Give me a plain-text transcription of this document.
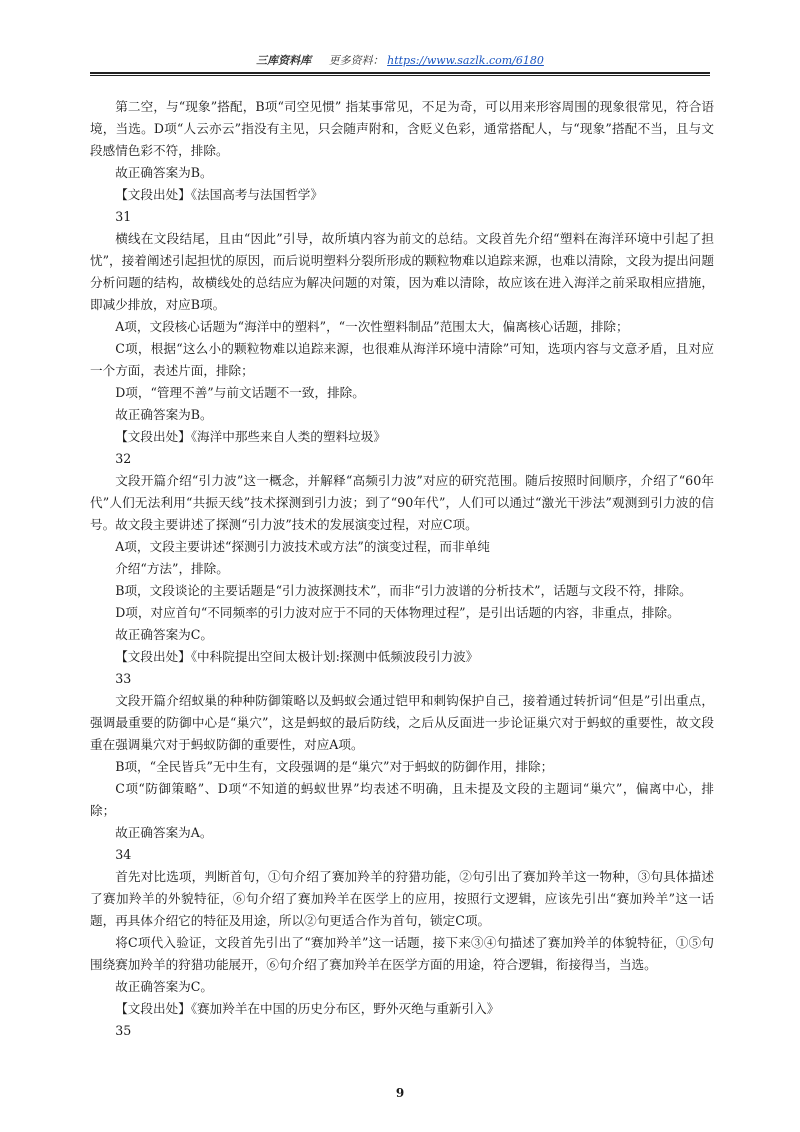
三库资料库 更多资料： https://www.sazlk.com/6180

第二空，与“现象”搭配，B项“司空见惯” 指某事常见，不足为奇，可以用来形容周围的现象很常见，符合语境，当选。D项“人云亦云”指没有主见，只会随声附和，含贬义色彩，通常搭配人，与“现象”搭配不当，且与文段感情色彩不符，排除。

故正确答案为B。

【文段出处】《法国高考与法国哲学》

31

横线在文段结尾，且由“因此”引导，故所填内容为前文的总结。文段首先介绍“塑料在海洋环境中引起了担忧”，接着阐述引起担忧的原因，而后说明塑料分裂所形成的颗粒物难以追踪来源，也难以清除，文段为提出问题 分析问题的结构，故横线处的总结应为解决问题的对策，因为难以清除，故应该在进入海洋之前采取相应措施，即减少排放，对应B项。

A项，文段核心话题为“海洋中的塑料”，“一次性塑料制品”范围太大，偏离核心话题，排除；

C项，根据“这么小的颗粒物难以追踪来源，也很难从海洋环境中清除”可知，选项内容与文意矛盾，且对应一个方面，表述片面，排除；

D项，“管理不善”与前文话题不一致，排除。

故正确答案为B。

【文段出处】《海洋中那些来自人类的塑料垃圾》

32

文段开篇介绍“引力波”这一概念，并解释“高频引力波”对应的研究范围。随后按照时间顺序，介绍了“60年代”人们无法利用“共振天线”技术探测到引力波；到了“90年代”，人们可以通过“激光干涉法”观测到引力波的信号。故文段主要讲述了探测“引力波”技术的发展演变过程，对应C项。

A项，文段主要讲述“探测引力波技术或方法”的演变过程，而非单纯

介绍“方法”，排除。

B项，文段谈论的主要话题是“引力波探测技术”，而非“引力波谱的分析技术”，话题与文段不符，排除。

D项，对应首句“不同频率的引力波对应于不同的天体物理过程”，是引出话题的内容，非重点，排除。

故正确答案为C。

【文段出处】《中科院提出空间太极计划:探测中低频波段引力波》

33

文段开篇介绍蚁巢的种种防御策略以及蚂蚁会通过铠甲和刺钩保护自己，接着通过转折词“但是”引出重点，强调最重要的防御中心是“巢穴”，这是蚂蚁的最后防线，之后从反面进一步论证巢穴对于蚂蚁的重要性，故文段重在强调巢穴对于蚂蚁防御的重要性，对应A项。

B项，“全民皆兵”无中生有，文段强调的是“巢穴”对于蚂蚁的防御作用，排除；

C项“防御策略”、D项“不知道的蚂蚁世界”均表述不明确，且未提及文段的主题词“巢穴”，偏离中心，排除；

故正确答案为A。

34

首先对比选项，判断首句，①句介绍了赛加羚羊的狩猎功能，②句引出了赛加羚羊这一物种，③句具体描述了赛加羚羊的外貌特征，⑥句介绍了赛加羚羊在医学上的应用，按照行文逻辑，应该先引出“赛加羚羊”这一话题，再具体介绍它的特征及用途，所以②句更适合作为首句，锁定C项。

将C项代入验证，文段首先引出了“赛加羚羊”这一话题，接下来③④句描述了赛加羚羊的体貌特征，①⑤句围绕赛加羚羊的狩猎功能展开，⑥句介绍了赛加羚羊在医学方面的用途，符合逻辑，衔接得当，当选。

故正确答案为C。

【文段出处】《赛加羚羊在中国的历史分布区，野外灭绝与重新引入》

35

9
